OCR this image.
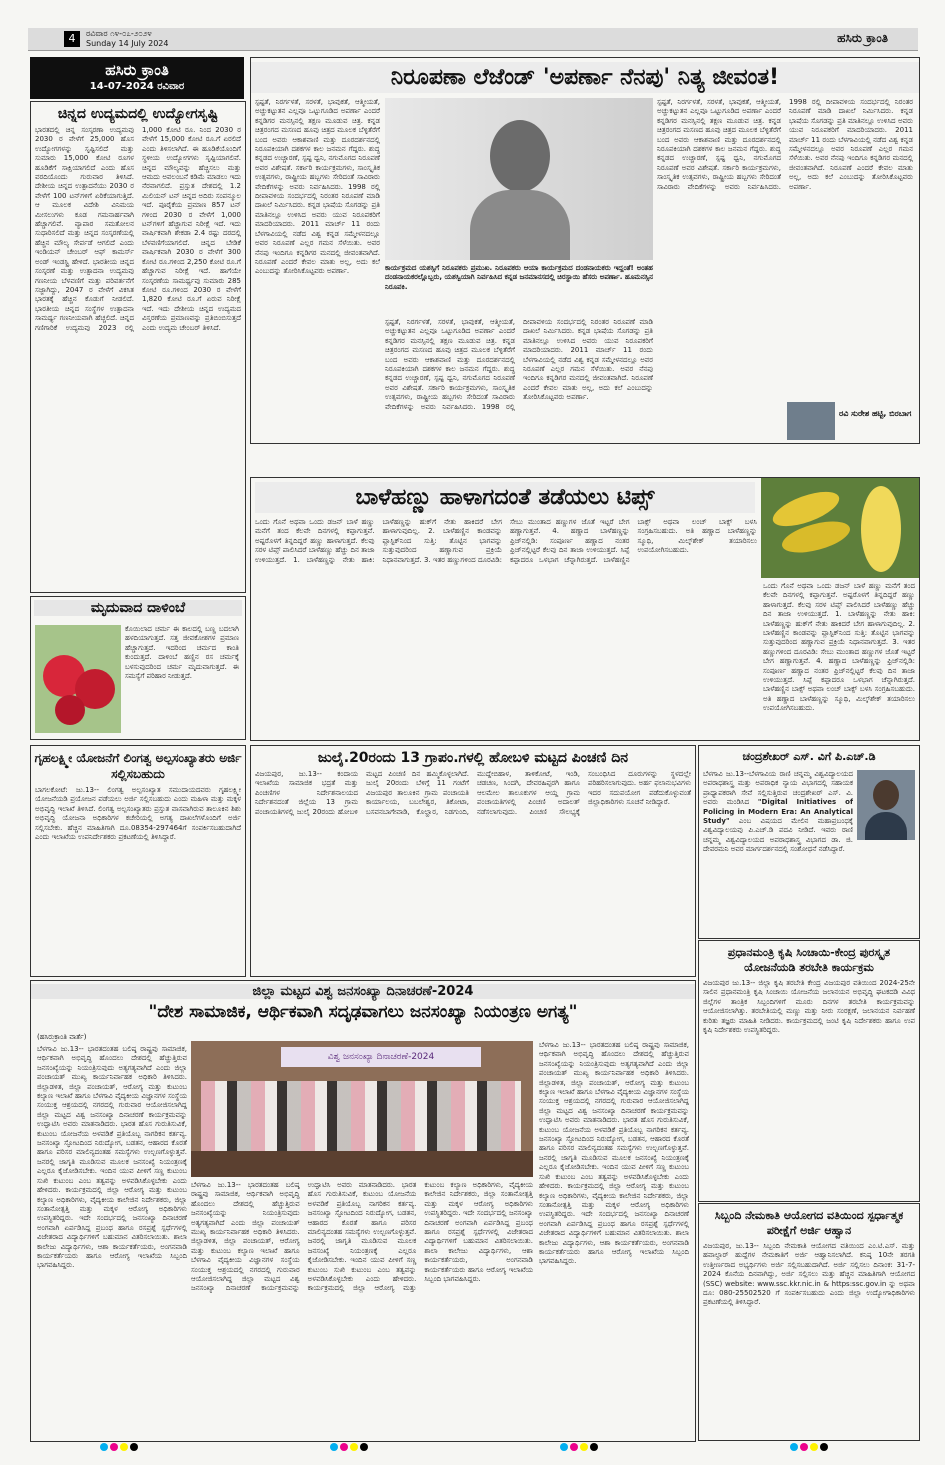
4	ರವಿವಾರ ೧೪-೦೭-೨೦೨೪
Sunday 14 July 2024	ಹಸಿರು ಕ್ರಾಂತಿ
ಹಸಿರು ಕ್ರಾಂತಿ
14-07-2024 ರವಿವಾರ
ಚಿನ್ನದ ಉದ್ಯಮದಲ್ಲಿ ಉದ್ಯೋಗಸೃಷ್ಟಿ
ಭಾರತದಲ್ಲಿ ಚಿನ್ನ ಸಂಸ್ಕರಣಾ ಉದ್ಯಮವು 2030 ರ ವೇಳೆಗೆ 25,000 ಹೊಸ ಉದ್ಯೋಗಗಳನ್ನು ಸೃಷ್ಟಿಸಲಿದೆ ಮತ್ತು ಸುಮಾರು 15,000 ಕೋಟಿ ರೂಗಳ ಹೂಡಿಕೆಗೆ ಸಾಕ್ಷಿಯಾಗಲಿದೆ ಎಂದು ಹೊಸ ವರದಿಯೊಂದು ಗುರುವಾರ ತಿಳಿಸಿದೆ. ದೇಶೀಯ ಚಿನ್ನದ ಉತ್ಪಾದನೆಯು 2030 ರ ವೇಳೆಗೆ 100 ಟನ್‌ಗಳಿಗೆ ಏರಿಕೆಯಾಗುತ್ತಿದೆ. ಆ ಮೂಲಕ ವಿದೇಶಿ ವಿನಿಮಯ ಮೀಸಲುಗಳು ಕೂಡ ಗಮನಾರ್ಹವಾಗಿ ಹೆಚ್ಚಾಗಲಿವೆ. ವ್ಯಾಪಾರ ಸಮತೋಲನ ಸುಧಾರಿಸಲಿದೆ ಮತ್ತು ಚಿನ್ನದ ಸಂಸ್ಕರಣೆಯಲ್ಲಿ ಹೆಚ್ಚಿನ ಮೌಲ್ಯ ಸೇರ್ಪಡೆ ಆಗಲಿದೆ ಎಂದು ಇಂಡಿಯನ್ ಚೇಂಬರ್ ಆಫ್ ಕಾಮರ್ಸ್ ಅಂಡ್ ಇಂಡಸ್ಟ್ರಿ ಹೇಳಿದೆ. ಭಾರತೀಯ ಚಿನ್ನದ ಸಂಸ್ಕರಣೆ ಮತ್ತು ಉತ್ಪಾದನಾ ಉದ್ಯಮವು ಗಣನೀಯ ಬೆಳವಣಿಗೆ ಮತ್ತು ಪರಿವರ್ತನೆಗೆ ಸಜ್ಜಾಗಿದ್ದು, 2047 ರ ವೇಳೆಗೆ ವಿಕಸಿತ ಭಾರತಕ್ಕೆ ಹೆಚ್ಚಿನ ಕೊಡುಗೆ ನೀಡಲಿದೆ. ಭಾರತೀಯ ಚಿನ್ನದ ಸಂಸ್ಥೆಗಳ ಉತ್ಪಾದನಾ ಸಾಮರ್ಥ್ಯ ಗಣನೀಯವಾಗಿ ಹೆಚ್ಚಲಿದೆ. ಚಿನ್ನದ ಗಣಿಗಾರಿಕೆ ಉದ್ಯಮವು 2023 ರಲ್ಲಿ 1,000 ಕೋಟಿ ರೂ. ನಿಂದ 2030 ರ ವೇಳೆಗೆ 15,000 ಕೋಟಿ ರೂ.ಗೆ ಏರಲಿದೆ ಎಂದು ತಿಳಿಸಲಾಗಿದೆ. ಈ ಹೂಡಿಕೆಯೊಂದಿಗೆ ಸ್ಥಳೀಯ ಉದ್ಯೋಗಗಳು ಸೃಷ್ಟಿಯಾಗಲಿವೆ. ಚಿನ್ನದ ಮೌಲ್ಯವನ್ನು ಹೆಚ್ಚಿಸಲು ಮತ್ತು ಆಮದು ಅವಲಂಬನೆ ಕಡಿಮೆ ಮಾಡಲು ಇದು ನೆರವಾಗಲಿದೆ. ಪ್ರಸ್ತುತ ದೇಶದಲ್ಲಿ 1.2 ಮಿಲಿಯನ್ ಟನ್ ಚಿನ್ನದ ಅದಿರು ಸಂಪನ್ಮೂಲ ಇದೆ. ಪೂರೈಕೆಯ ಪ್ರಮಾಣ 857 ಟನ್ ಗಳಿಂದ 2030 ರ ವೇಳೆಗೆ 1,000 ಟನ್‌ಗಳಿಗೆ ಹೆಚ್ಚಾಗುವ ನಿರೀಕ್ಷೆ ಇದೆ. ಇದು ವಾರ್ಷಿಕವಾಗಿ ಶೇಕಡಾ 2.4 ರಷ್ಟು ದರದಲ್ಲಿ ಬೆಳವಣಿಗೆಯಾಗಲಿದೆ. ಚಿನ್ನದ ಬೇಡಿಕೆ ವಾರ್ಷಿಕವಾಗಿ 2030 ರ ವೇಳೆಗೆ 300 ಕೋಟಿ ರೂ.ಗಳಿಂದ 2,250 ಕೋಟಿ ರೂ.ಗೆ ಹೆಚ್ಚಾಗುವ ನಿರೀಕ್ಷೆ ಇದೆ. ಹಾಗೆಯೇ ಸಂಸ್ಕರಣೆಯ ಸಾಮರ್ಥ್ಯವು ಸುಮಾರು 285 ಕೋಟಿ ರೂ.ಗಳಿಂದ 2030 ರ ವೇಳೆಗೆ 1,820 ಕೋಟಿ ರೂ.ಗೆ ಏರುವ ನಿರೀಕ್ಷೆ ಇದೆ. ಇದು ದೇಶೀಯ ಚಿನ್ನದ ಉದ್ಯಮದ ವಿಸ್ತರಣೆಯ ಪ್ರಮಾಣವನ್ನು ಪ್ರತಿಬಿಂಬಿಸುತ್ತದೆ ಎಂದು ಉದ್ಯಮ ಚೇಂಬರ್ ತಿಳಿಸಿದೆ.
ಮೃದುವಾದ ದಾಳಿಂಬೆ
ಕೊಯಿಲಾದ ಚರ್ಮ ಈ ಕಾಲದಲ್ಲಿ ಬಣ್ಣ ಬದಲಾಗಿ ಹಳದಿಯಾಗುತ್ತದೆ. ಸತ್ತ ಜೀವಕೋಶಗಳ ಪ್ರಮಾಣ ಹೆಚ್ಚಾಗುತ್ತದೆ. ಇದರಿಂದ ಚರ್ಮದ ಕಾಂತಿ ಕುಂದುತ್ತದೆ. ದಾಳಿಂಬೆ ಹಣ್ಣಿನ ರಸ ಚರ್ಮಕ್ಕೆ ಬಳಸುವುದರಿಂದ ಚರ್ಮ ಮೃದುವಾಗುತ್ತದೆ. ಈ ಸಮಸ್ಯೆಗೆ ಪರಿಹಾರ ನೀಡುತ್ತದೆ.
ನಿರೂಪಣಾ ಲೆಜೆಂಡ್ 'ಅಪರ್ಣಾ ನೆನಪು' ನಿತ್ಯ ಜೀವಂತ!
ಸ್ಪಷ್ಟತೆ, ನಿರರ್ಗಳತೆ, ಸರಳತೆ, ಭಾವುಕತೆ, ಆತ್ಮೀಯತೆ, ಅಚ್ಚುಕಟ್ಟುತನ ಎಲ್ಲವೂ ಒಟ್ಟುಗೂಡಿದ ಅಪರ್ಣಾ ಎಂದರೆ ಕನ್ನಡಿಗರ ಮನಸ್ಸಿನಲ್ಲಿ ತಕ್ಷಣ ಮೂಡುವ ಚಿತ್ರ. ಕನ್ನಡ ಚಿತ್ರರಂಗದ ಮಸಣದ ಹೂವು ಚಿತ್ರದ ಮೂಲಕ ಬೆಳ್ಳಿತೆರೆಗೆ ಬಂದ ಅವರು ಆಕಾಶವಾಣಿ ಮತ್ತು ದೂರದರ್ಶನದಲ್ಲಿ ನಿರೂಪಕಿಯಾಗಿ ದಶಕಗಳ ಕಾಲ ಜನಮನ ಗೆದ್ದರು. ಶುದ್ಧ ಕನ್ನಡದ ಉಚ್ಚಾರಣೆ, ಸ್ಪಷ್ಟ ಧ್ವನಿ, ನಗುಮೊಗದ ನಿರೂಪಣೆ ಅವರ ವಿಶೇಷತೆ. ಸರ್ಕಾರಿ ಕಾರ್ಯಕ್ರಮಗಳು, ಸಾಂಸ್ಕೃತಿಕ ಉತ್ಸವಗಳು, ರಾಷ್ಟ್ರೀಯ ಹಬ್ಬಗಳು ಸೇರಿದಂತೆ ಸಾವಿರಾರು ವೇದಿಕೆಗಳನ್ನು ಅವರು ನಿರ್ವಹಿಸಿದರು. 1998 ರಲ್ಲಿ ದೀಪಾವಳಿಯ ಸಂದರ್ಭದಲ್ಲಿ ನಿರಂತರ ನಿರೂಪಣೆ ಮಾಡಿ ದಾಖಲೆ ನಿರ್ಮಿಸಿದರು. ಕನ್ನಡ ಭಾಷೆಯ ಸೊಗಡನ್ನು ಪ್ರತಿ ಮಾತಿನಲ್ಲೂ ಉಳಿಸಿದ ಅವರು ಯುವ ನಿರೂಪಕರಿಗೆ ಮಾದರಿಯಾದರು. 2011 ಮಾರ್ಚ್ 11 ರಂದು ಬೆಳಗಾವಿಯಲ್ಲಿ ನಡೆದ ವಿಶ್ವ ಕನ್ನಡ ಸಮ್ಮೇಳನದಲ್ಲೂ ಅವರ ನಿರೂಪಣೆ ಎಲ್ಲರ ಗಮನ ಸೆಳೆಯಿತು. ಅವರ ನೆನಪು ಇಂದಿಗೂ ಕನ್ನಡಿಗರ ಮನದಲ್ಲಿ ಜೀವಂತವಾಗಿದೆ. ನಿರೂಪಣೆ ಎಂದರೆ ಕೇವಲ ಮಾತು ಅಲ್ಲ, ಅದು ಕಲೆ ಎಂಬುದನ್ನು ತೋರಿಸಿಕೊಟ್ಟವರು ಅಪರ್ಣಾ.	ಕಾರ್ಯಕ್ರಮದ ಯಶಸ್ಸಿಗೆ ನಿರೂಪಕರು ಪ್ರಮುಖ. ನಿರೂಪಕರು ಆಯಾ ಕಾರ್ಯಕ್ರಮದ ದಂಡನಾಯಕರು ಇದ್ದಂತೆ! ಅಂತಹ ದಂಡನಾಯಕರಲ್ಲೊಬ್ಬರು, ಯಶಸ್ವಿಯಾಗಿ ನಿರ್ವಹಿಸಿದ ಕನ್ನಡ ಜನಮಾನಸದಲ್ಲಿ ಚಿರಸ್ಥಾಯಿ ಹೆಸರು ಅಪರ್ಣಾ. ಹೂಮನಸ್ಸಿನ ನಿರೂಪಕಿ.
ಸ್ಪಷ್ಟತೆ, ನಿರರ್ಗಳತೆ, ಸರಳತೆ, ಭಾವುಕತೆ, ಆತ್ಮೀಯತೆ, ಅಚ್ಚುಕಟ್ಟುತನ ಎಲ್ಲವೂ ಒಟ್ಟುಗೂಡಿದ ಅಪರ್ಣಾ ಎಂದರೆ ಕನ್ನಡಿಗರ ಮನಸ್ಸಿನಲ್ಲಿ ತಕ್ಷಣ ಮೂಡುವ ಚಿತ್ರ. ಕನ್ನಡ ಚಿತ್ರರಂಗದ ಮಸಣದ ಹೂವು ಚಿತ್ರದ ಮೂಲಕ ಬೆಳ್ಳಿತೆರೆಗೆ ಬಂದ ಅವರು ಆಕಾಶವಾಣಿ ಮತ್ತು ದೂರದರ್ಶನದಲ್ಲಿ ನಿರೂಪಕಿಯಾಗಿ ದಶಕಗಳ ಕಾಲ ಜನಮನ ಗೆದ್ದರು. ಶುದ್ಧ ಕನ್ನಡದ ಉಚ್ಚಾರಣೆ, ಸ್ಪಷ್ಟ ಧ್ವನಿ, ನಗುಮೊಗದ ನಿರೂಪಣೆ ಅವರ ವಿಶೇಷತೆ. ಸರ್ಕಾರಿ ಕಾರ್ಯಕ್ರಮಗಳು, ಸಾಂಸ್ಕೃತಿಕ ಉತ್ಸವಗಳು, ರಾಷ್ಟ್ರೀಯ ಹಬ್ಬಗಳು ಸೇರಿದಂತೆ ಸಾವಿರಾರು ವೇದಿಕೆಗಳನ್ನು ಅವರು ನಿರ್ವಹಿಸಿದರು. 1998 ರಲ್ಲಿ ದೀಪಾವಳಿಯ ಸಂದರ್ಭದಲ್ಲಿ ನಿರಂತರ ನಿರೂಪಣೆ ಮಾಡಿ ದಾಖಲೆ ನಿರ್ಮಿಸಿದರು. ಕನ್ನಡ ಭಾಷೆಯ ಸೊಗಡನ್ನು ಪ್ರತಿ ಮಾತಿನಲ್ಲೂ ಉಳಿಸಿದ ಅವರು ಯುವ ನಿರೂಪಕರಿಗೆ ಮಾದರಿಯಾದರು. 2011 ಮಾರ್ಚ್ 11 ರಂದು ಬೆಳಗಾವಿಯಲ್ಲಿ ನಡೆದ ವಿಶ್ವ ಕನ್ನಡ ಸಮ್ಮೇಳನದಲ್ಲೂ ಅವರ ನಿರೂಪಣೆ ಎಲ್ಲರ ಗಮನ ಸೆಳೆಯಿತು. ಅವರ ನೆನಪು ಇಂದಿಗೂ ಕನ್ನಡಿಗರ ಮನದಲ್ಲಿ ಜೀವಂತವಾಗಿದೆ. ನಿರೂಪಣೆ ಎಂದರೆ ಕೇವಲ ಮಾತು ಅಲ್ಲ, ಅದು ಕಲೆ ಎಂಬುದನ್ನು ತೋರಿಸಿಕೊಟ್ಟವರು ಅಪರ್ಣಾ.
ಸ್ಪಷ್ಟತೆ, ನಿರರ್ಗಳತೆ, ಸರಳತೆ, ಭಾವುಕತೆ, ಆತ್ಮೀಯತೆ, ಅಚ್ಚುಕಟ್ಟುತನ ಎಲ್ಲವೂ ಒಟ್ಟುಗೂಡಿದ ಅಪರ್ಣಾ ಎಂದರೆ ಕನ್ನಡಿಗರ ಮನಸ್ಸಿನಲ್ಲಿ ತಕ್ಷಣ ಮೂಡುವ ಚಿತ್ರ. ಕನ್ನಡ ಚಿತ್ರರಂಗದ ಮಸಣದ ಹೂವು ಚಿತ್ರದ ಮೂಲಕ ಬೆಳ್ಳಿತೆರೆಗೆ ಬಂದ ಅವರು ಆಕಾಶವಾಣಿ ಮತ್ತು ದೂರದರ್ಶನದಲ್ಲಿ ನಿರೂಪಕಿಯಾಗಿ ದಶಕಗಳ ಕಾಲ ಜನಮನ ಗೆದ್ದರು. ಶುದ್ಧ ಕನ್ನಡದ ಉಚ್ಚಾರಣೆ, ಸ್ಪಷ್ಟ ಧ್ವನಿ, ನಗುಮೊಗದ ನಿರೂಪಣೆ ಅವರ ವಿಶೇಷತೆ. ಸರ್ಕಾರಿ ಕಾರ್ಯಕ್ರಮಗಳು, ಸಾಂಸ್ಕೃತಿಕ ಉತ್ಸವಗಳು, ರಾಷ್ಟ್ರೀಯ ಹಬ್ಬಗಳು ಸೇರಿದಂತೆ ಸಾವಿರಾರು ವೇದಿಕೆಗಳನ್ನು ಅವರು ನಿರ್ವಹಿಸಿದರು. 1998 ರಲ್ಲಿ ದೀಪಾವಳಿಯ ಸಂದರ್ಭದಲ್ಲಿ ನಿರಂತರ ನಿರೂಪಣೆ ಮಾಡಿ ದಾಖಲೆ ನಿರ್ಮಿಸಿದರು. ಕನ್ನಡ ಭಾಷೆಯ ಸೊಗಡನ್ನು ಪ್ರತಿ ಮಾತಿನಲ್ಲೂ ಉಳಿಸಿದ ಅವರು ಯುವ ನಿರೂಪಕರಿಗೆ ಮಾದರಿಯಾದರು. 2011 ಮಾರ್ಚ್ 11 ರಂದು ಬೆಳಗಾವಿಯಲ್ಲಿ ನಡೆದ ವಿಶ್ವ ಕನ್ನಡ ಸಮ್ಮೇಳನದಲ್ಲೂ ಅವರ ನಿರೂಪಣೆ ಎಲ್ಲರ ಗಮನ ಸೆಳೆಯಿತು. ಅವರ ನೆನಪು ಇಂದಿಗೂ ಕನ್ನಡಿಗರ ಮನದಲ್ಲಿ ಜೀವಂತವಾಗಿದೆ. ನಿರೂಪಣೆ ಎಂದರೆ ಕೇವಲ ಮಾತು ಅಲ್ಲ, ಅದು ಕಲೆ ಎಂಬುದನ್ನು ತೋರಿಸಿಕೊಟ್ಟವರು ಅಪರ್ಣಾ.
ರವಿ ಸುರೇಶ ಹಟ್ಟಿ, ಬಿರಬಾಗ
ಬಾಳೆಹಣ್ಣು ಹಾಳಾಗದಂತೆ ತಡೆಯಲು ಟಿಪ್ಸ್
ಒಂದು ಗೊನೆ ಅಥವಾ ಒಂದು ಡಜನ್ ಬಾಳೆ ಹಣ್ಣು ಮನೆಗೆ ತಂದ ಕೆಲವೇ ದಿನಗಳಲ್ಲಿ ಕಪ್ಪಾಗುತ್ತವೆ. ಅಷ್ಟರೊಳಗೆ ತಿನ್ನದಿದ್ದರೆ ಹಣ್ಣು ಹಾಳಾಗುತ್ತದೆ. ಕೆಲವು ಸರಳ ಟಿಪ್ಸ್ ಪಾಲಿಸಿದರೆ ಬಾಳೆಹಣ್ಣು ಹೆಚ್ಚು ದಿನ ತಾಜಾ ಉಳಿಯುತ್ತದೆ. 1. ಬಾಳೆಹಣ್ಣನ್ನು ನೇತು ಹಾಕಿ: ಬಾಳೆಹಣ್ಣನ್ನು ಹುಕ್‌ಗೆ ನೇತು ಹಾಕಿದರೆ ಬೇಗ ಹಾಳಾಗುವುದಿಲ್ಲ. 2. ಬಾಳೆಹಣ್ಣಿನ ಕಾಂಡವನ್ನು ಪ್ಲಾಸ್ಟಿಕ್‌ನಿಂದ ಸುತ್ತಿ: ತೊಟ್ಟಿನ ಭಾಗವನ್ನು ಸುತ್ತುವುದರಿಂದ ಹಣ್ಣಾಗುವ ಪ್ರಕ್ರಿಯೆ ನಿಧಾನವಾಗುತ್ತದೆ. 3. ಇತರ ಹಣ್ಣುಗಳಿಂದ ದೂರವಿಡಿ: ಸೇಬು ಮುಂತಾದ ಹಣ್ಣುಗಳ ಜೊತೆ ಇಟ್ಟರೆ ಬೇಗ ಹಣ್ಣಾಗುತ್ತವೆ. 4. ಹಣ್ಣಾದ ಬಾಳೆಹಣ್ಣನ್ನು ಫ್ರಿಜ್‌ನಲ್ಲಿಡಿ: ಸಂಪೂರ್ಣ ಹಣ್ಣಾದ ನಂತರ ಫ್ರಿಜ್‌ನಲ್ಲಿಟ್ಟರೆ ಕೆಲವು ದಿನ ತಾಜಾ ಉಳಿಯುತ್ತದೆ. ಸಿಪ್ಪೆ ಕಪ್ಪಾದರೂ ಒಳಭಾಗ ಚೆನ್ನಾಗಿರುತ್ತದೆ. ಬಾಳೆಹಣ್ಣಿನ ಬಾಕ್ಸ್ ಅಥವಾ ಲಂಚ್ ಬಾಕ್ಸ್ ಬಳಸಿ ಸಂಗ್ರಹಿಸಬಹುದು. ಅತಿ ಹಣ್ಣಾದ ಬಾಳೆಹಣ್ಣನ್ನು ಸ್ಮೂಥಿ, ಮಿಲ್ಕ್‌ಶೇಕ್ ತಯಾರಿಸಲು ಉಪಯೋಗಿಸಬಹುದು.
ಒಂದು ಗೊನೆ ಅಥವಾ ಒಂದು ಡಜನ್ ಬಾಳೆ ಹಣ್ಣು ಮನೆಗೆ ತಂದ ಕೆಲವೇ ದಿನಗಳಲ್ಲಿ ಕಪ್ಪಾಗುತ್ತವೆ. ಅಷ್ಟರೊಳಗೆ ತಿನ್ನದಿದ್ದರೆ ಹಣ್ಣು ಹಾಳಾಗುತ್ತದೆ. ಕೆಲವು ಸರಳ ಟಿಪ್ಸ್ ಪಾಲಿಸಿದರೆ ಬಾಳೆಹಣ್ಣು ಹೆಚ್ಚು ದಿನ ತಾಜಾ ಉಳಿಯುತ್ತದೆ. 1. ಬಾಳೆಹಣ್ಣನ್ನು ನೇತು ಹಾಕಿ: ಬಾಳೆಹಣ್ಣನ್ನು ಹುಕ್‌ಗೆ ನೇತು ಹಾಕಿದರೆ ಬೇಗ ಹಾಳಾಗುವುದಿಲ್ಲ. 2. ಬಾಳೆಹಣ್ಣಿನ ಕಾಂಡವನ್ನು ಪ್ಲಾಸ್ಟಿಕ್‌ನಿಂದ ಸುತ್ತಿ: ತೊಟ್ಟಿನ ಭಾಗವನ್ನು ಸುತ್ತುವುದರಿಂದ ಹಣ್ಣಾಗುವ ಪ್ರಕ್ರಿಯೆ ನಿಧಾನವಾಗುತ್ತದೆ. 3. ಇತರ ಹಣ್ಣುಗಳಿಂದ ದೂರವಿಡಿ: ಸೇಬು ಮುಂತಾದ ಹಣ್ಣುಗಳ ಜೊತೆ ಇಟ್ಟರೆ ಬೇಗ ಹಣ್ಣಾಗುತ್ತವೆ. 4. ಹಣ್ಣಾದ ಬಾಳೆಹಣ್ಣನ್ನು ಫ್ರಿಜ್‌ನಲ್ಲಿಡಿ: ಸಂಪೂರ್ಣ ಹಣ್ಣಾದ ನಂತರ ಫ್ರಿಜ್‌ನಲ್ಲಿಟ್ಟರೆ ಕೆಲವು ದಿನ ತಾಜಾ ಉಳಿಯುತ್ತದೆ. ಸಿಪ್ಪೆ ಕಪ್ಪಾದರೂ ಒಳಭಾಗ ಚೆನ್ನಾಗಿರುತ್ತದೆ. ಬಾಳೆಹಣ್ಣಿನ ಬಾಕ್ಸ್ ಅಥವಾ ಲಂಚ್ ಬಾಕ್ಸ್ ಬಳಸಿ ಸಂಗ್ರಹಿಸಬಹುದು. ಅತಿ ಹಣ್ಣಾದ ಬಾಳೆಹಣ್ಣನ್ನು ಸ್ಮೂಥಿ, ಮಿಲ್ಕ್‌ಶೇಕ್ ತಯಾರಿಸಲು ಉಪಯೋಗಿಸಬಹುದು.
ಗೃಹಲಕ್ಷ್ಮೀ ಯೋಜನೆಗೆ ಲಿಂಗತ್ವ ಅಲ್ಪಸಂಖ್ಯಾತರು ಅರ್ಜಿ ಸಲ್ಲಿಸಬಹುದು
ಬಾಗಲಕೋಟೆ: ಜು.13-- ಲಿಂಗತ್ವ ಅಲ್ಪಸಂಖ್ಯಾತ ಸಮುದಾಯದವರು ಗೃಹಲಕ್ಷ್ಮೀ ಯೋಜನೆಯಡಿ ಪ್ರಯೋಜನ ಪಡೆಯಲು ಅರ್ಜಿ ಸಲ್ಲಿಸಬಹುದು ಎಂದು ಮಹಿಳಾ ಮತ್ತು ಮಕ್ಕಳ ಅಭಿವೃದ್ಧಿ ಇಲಾಖೆ ತಿಳಿಸಿದೆ. ಲಿಂಗತ್ವ ಅಲ್ಪಸಂಖ್ಯಾತರು ಪ್ರಸ್ತುತ ವಾಸವಾಗಿರುವ ತಾಲೂಕಿನ ಶಿಶು ಅಭಿವೃದ್ಧಿ ಯೋಜನಾ ಅಧಿಕಾರಿಗಳ ಕಚೇರಿಯಲ್ಲಿ ಅಗತ್ಯ ದಾಖಲೆಗಳೊಂದಿಗೆ ಅರ್ಜಿ ಸಲ್ಲಿಸಬೇಕು. ಹೆಚ್ಚಿನ ಮಾಹಿತಿಗಾಗಿ ದೂ.08354-297464ಗೆ ಸಂಪರ್ಕಿಸಬಹುದಾಗಿದೆ ಎಂದು ಇಲಾಖೆಯ ಉಪನಿರ್ದೇಶಕರು ಪ್ರಕಟಣೆಯಲ್ಲಿ ತಿಳಿಸಿದ್ದಾರೆ.
ಜುಲೈ.20ರಂದು 13 ಗ್ರಾಪಂ.ಗಳಲ್ಲಿ ಹೋಬಳಿ ಮಟ್ಟದ ಪಿಂಚಣಿ ದಿನ
ವಿಜಯಪುರ, ಜು.13-- ಕಂದಾಯ ಇಲಾಖೆಯ ಸಾಮಾಜಿಕ ಭದ್ರತೆ ಮತ್ತು ಪಿಂಚಣಿಗಳ ನಿರ್ದೇಶನಾಲಯದ ನಿರ್ದೇಶನದಂತೆ ಜಿಲ್ಲೆಯ 13 ಗ್ರಾಮ ಪಂಚಾಯತಿಗಳಲ್ಲಿ ಜುಲೈ 20ರಂದು ಹೋಬಳಿ ಮಟ್ಟದ ಪಿಂಚಣಿ ದಿನ ಹಮ್ಮಿಕೊಳ್ಳಲಾಗಿದೆ. ಜುಲೈ 20ರಂದು ಬೆಳಿಗ್ಗೆ 11 ಗಂಟೆಗೆ ವಿಜಯಪುರ ತಾಲೂಕಿನ ಗ್ರಾಮ ಪಂಚಾಯತಿ ಕಾರ್ಯಾಲಯ, ಬಬಲೇಶ್ವರ, ತಿಕೋಟಾ, ಬಸವನಬಾಗೇವಾಡಿ, ಕೊಲ್ಹಾರ, ನಿಡಗುಂದಿ, ಮುದ್ದೇಬಿಹಾಳ, ತಾಳಿಕೋಟೆ, ಇಂಡಿ, ಚಡಚಣ, ಸಿಂದಗಿ, ದೇವರಹಿಪ್ಪರಗಿ ಹಾಗೂ ಆಲಮೇಲ ತಾಲೂಕುಗಳ ಆಯ್ದ ಗ್ರಾಮ ಪಂಚಾಯತಿಗಳಲ್ಲಿ ಪಿಂಚಣಿ ಅದಾಲತ್ ನಡೆಸಲಾಗುವುದು. ಪಿಂಚಣಿ ಸೌಲಭ್ಯಕ್ಕೆ ಸಂಬಂಧಿಸಿದ ದೂರುಗಳನ್ನು ಸ್ಥಳದಲ್ಲೇ ಪರಿಹರಿಸಲಾಗುವುದು. ಅರ್ಹ ಫಲಾನುಭವಿಗಳು ಇದರ ಸದುಪಯೋಗ ಪಡೆದುಕೊಳ್ಳುವಂತೆ ಜಿಲ್ಲಾಧಿಕಾರಿಗಳು ಸೂಚನೆ ನೀಡಿದ್ದಾರೆ.
ಚಂದ್ರಶೇಖರ್ ಎಸ್. ವಿಗೆ ಪಿ.ಎಚ್.ಡಿ
ಬೆಳಗಾವಿ ಜು.13--ಬೆಳಗಾವಿಯ ರಾಣಿ ಚನ್ನಮ್ಮ ವಿಶ್ವವಿದ್ಯಾಲಯದ ಅಪರಾಧಶಾಸ್ತ್ರ ಮತ್ತು ಅಪರಾಧಿಕ ನ್ಯಾಯ ವಿಭಾಗದಲ್ಲಿ ಸಹಾಯಕ ಪ್ರಾಧ್ಯಾಪಕರಾಗಿ ಸೇವೆ ಸಲ್ಲಿಸುತ್ತಿರುವ ಚಂದ್ರಶೇಖರ್ ಎಸ್. ವಿ. ಅವರು ಮಂಡಿಸಿದ "Digital Initiatives of Policing in Modern Era: An Analytical Study" ಎಂಬ ವಿಷಯದ ಮೇಲಿನ ಮಹಾಪ್ರಬಂಧಕ್ಕೆ ವಿಶ್ವವಿದ್ಯಾಲಯವು ಪಿ.ಎಚ್.ಡಿ ಪದವಿ ನೀಡಿದೆ. ಇವರು ರಾಣಿ ಚನ್ನಮ್ಮ ವಿಶ್ವವಿದ್ಯಾಲಯದ ಅಪರಾಧಶಾಸ್ತ್ರ ವಿಭಾಗದ ಡಾ. ಜಿ. ದೇವರಮನಿ ಅವರ ಮಾರ್ಗದರ್ಶನದಲ್ಲಿ ಸಂಶೋಧನೆ ನಡೆಸಿದ್ದಾರೆ.
ಪ್ರಧಾನಮಂತ್ರಿ ಕೃಷಿ ಸಿಂಚಾಯಿ-ಕೇಂದ್ರ ಪುರಸ್ಕೃತ ಯೋಜನೆಯಡಿ ತರಬೇತಿ ಕಾರ್ಯಕ್ರಮ
ವಿಜಯಪುರ ಜು.13-- ಜಿಲ್ಲಾ ಕೃಷಿ ತರಬೇತಿ ಕೇಂದ್ರ ವಿಜಯಪುರ ವತಿಯಿಂದ 2024-25ನೇ ಸಾಲಿನ ಪ್ರಧಾನಮಂತ್ರಿ ಕೃಷಿ ಸಿಂಚಾಯಿ ಯೋಜನೆಯ ಜಲಾನಯನ ಅಭಿವೃದ್ಧಿ ಘಟಕದಡಿ ವಿವಿಧ ಜಿಲ್ಲೆಗಳ ತಾಂತ್ರಿಕ ಸಿಬ್ಬಂದಿಗಳಿಗೆ ಮೂರು ದಿನಗಳ ತರಬೇತಿ ಕಾರ್ಯಕ್ರಮವನ್ನು ಆಯೋಜಿಸಲಾಗಿತ್ತು. ತರಬೇತಿಯಲ್ಲಿ ಮಣ್ಣು ಮತ್ತು ನೀರು ಸಂರಕ್ಷಣೆ, ಜಲಾನಯನ ನಿರ್ವಹಣೆ ಕುರಿತು ತಜ್ಞರು ಮಾಹಿತಿ ನೀಡಿದರು. ಕಾರ್ಯಕ್ರಮದಲ್ಲಿ ಜಂಟಿ ಕೃಷಿ ನಿರ್ದೇಶಕರು ಹಾಗೂ ಉಪ ಕೃಷಿ ನಿರ್ದೇಶಕರು ಉಪಸ್ಥಿತರಿದ್ದರು.
ಸಿಬ್ಬಂದಿ ನೇಮಕಾತಿ ಆಯೋಗದ ವತಿಯಿಂದ ಸ್ಪರ್ಧಾತ್ಮಕ ಪರೀಕ್ಷೆಗೆ ಅರ್ಜಿ ಆಹ್ವಾನ
ವಿಜಯಪುರ, ಜು.13-- ಸಿಬ್ಬಂದಿ ನೇಮಕಾತಿ ಆಯೋಗದ ವತಿಯಿಂದ ಎಂ.ಟಿ.ಎಸ್. ಮತ್ತು ಹವಾಲ್ದಾರ್ ಹುದ್ದೆಗಳ ನೇಮಕಾತಿಗೆ ಅರ್ಜಿ ಆಹ್ವಾನಿಸಲಾಗಿದೆ. ಕನಿಷ್ಠ 10ನೇ ತರಗತಿ ಉತ್ತೀರ್ಣರಾದ ಅಭ್ಯರ್ಥಿಗಳು ಅರ್ಜಿ ಸಲ್ಲಿಸಬಹುದಾಗಿದೆ. ಅರ್ಜಿ ಸಲ್ಲಿಸಲು ದಿನಾಂಕ: 31-7-2024 ಕೊನೆಯ ದಿನವಾಗಿದ್ದು, ಅರ್ಜಿ ಸಲ್ಲಿಸಲು ಮತ್ತು ಹೆಚ್ಚಿನ ಮಾಹಿತಿಗಾಗಿ ಆಯೋಗದ (SSC) website: www.ssc.kkr.nic.in & https:ssc.gov.in ನ್ನು ಅಥವಾ ದೂ: 080-25502520 ಗೆ ಸಂಪರ್ಕಿಸಬಹುದು ಎಂದು ಜಿಲ್ಲಾ ಉದ್ಯೋಗಾಧಿಕಾರಿಗಳು ಪ್ರಕಟಣೆಯಲ್ಲಿ ತಿಳಿಸಿದ್ದಾರೆ.
ಜಿಲ್ಲಾ ಮಟ್ಟದ ವಿಶ್ವ ಜನಸಂಖ್ಯಾ ದಿನಾಚರಣೆ-2024
"ದೇಶ ಸಾಮಾಜಿಕ, ಆರ್ಥಿಕವಾಗಿ ಸದೃಢವಾಗಲು ಜನಸಂಖ್ಯಾ ನಿಯಂತ್ರಣ ಅಗತ್ಯ"
(ಹಸಿರುಕ್ರಾಂತಿ ವಾರ್ತೆ)
ವಿಶ್ವ ಜನಸಂಖ್ಯಾ ದಿನಾಚರಣೆ-2024
ಬೆಳಗಾವಿ ಜು.13-- ಭಾರತದಂತಹ ಬಲಿಷ್ಠ ರಾಷ್ಟ್ರವು ಸಾಮಾಜಿಕ, ಆರ್ಥಿಕವಾಗಿ ಅಭಿವೃದ್ಧಿ ಹೊಂದಲು ದೇಶದಲ್ಲಿ ಹೆಚ್ಚುತ್ತಿರುವ ಜನಸಂಖ್ಯೆಯನ್ನು ನಿಯಂತ್ರಿಸುವುದು ಅತ್ಯಗತ್ಯವಾಗಿದೆ ಎಂದು ಜಿಲ್ಲಾ ಪಂಚಾಯತ್ ಮುಖ್ಯ ಕಾರ್ಯನಿರ್ವಾಹಕ ಅಧಿಕಾರಿ ತಿಳಿಸಿದರು. ಜಿಲ್ಲಾಡಳಿತ, ಜಿಲ್ಲಾ ಪಂಚಾಯತ್, ಆರೋಗ್ಯ ಮತ್ತು ಕುಟುಂಬ ಕಲ್ಯಾಣ ಇಲಾಖೆ ಹಾಗೂ ಬೆಳಗಾವಿ ವೈದ್ಯಕೀಯ ವಿಜ್ಞಾನಗಳ ಸಂಸ್ಥೆಯ ಸಂಯುಕ್ತ ಆಶ್ರಯದಲ್ಲಿ ನಗರದಲ್ಲಿ ಗುರುವಾರ ಆಯೋಜಿಸಲಾಗಿದ್ದ ಜಿಲ್ಲಾ ಮಟ್ಟದ ವಿಶ್ವ ಜನಸಂಖ್ಯಾ ದಿನಾಚರಣೆ ಕಾರ್ಯಕ್ರಮವನ್ನು ಉದ್ಘಾಟಿಸಿ ಅವರು ಮಾತನಾಡಿದರು. ಭಾರತ ಹೊಸ ಗುರುತಿಸುವಿಕೆ, ಕುಟುಂಬ ಯೋಜನೆಯ ಅಳವಡಿಕೆ ಪ್ರತಿಯೊಬ್ಬ ನಾಗರಿಕನ ಕರ್ತವ್ಯ. ಜನಸಂಖ್ಯಾ ಸ್ಫೋಟದಿಂದ ನಿರುದ್ಯೋಗ, ಬಡತನ, ಆಹಾರದ ಕೊರತೆ ಹಾಗೂ ಪರಿಸರ ಮಾಲಿನ್ಯದಂತಹ ಸಮಸ್ಯೆಗಳು ಉಲ್ಬಣಗೊಳ್ಳುತ್ತವೆ. ಜನರಲ್ಲಿ ಜಾಗೃತಿ ಮೂಡಿಸುವ ಮೂಲಕ ಜನಸಂಖ್ಯೆ ನಿಯಂತ್ರಣಕ್ಕೆ ಎಲ್ಲರೂ ಕೈಜೋಡಿಸಬೇಕು. ಇಂದಿನ ಯುವ ಪೀಳಿಗೆ ಸಣ್ಣ ಕುಟುಂಬ ಸುಖಿ ಕುಟುಂಬ ಎಂಬ ತತ್ವವನ್ನು ಅಳವಡಿಸಿಕೊಳ್ಳಬೇಕು ಎಂದು ಹೇಳಿದರು. ಕಾರ್ಯಕ್ರಮದಲ್ಲಿ ಜಿಲ್ಲಾ ಆರೋಗ್ಯ ಮತ್ತು ಕುಟುಂಬ ಕಲ್ಯಾಣ ಅಧಿಕಾರಿಗಳು, ವೈದ್ಯಕೀಯ ಕಾಲೇಜಿನ ನಿರ್ದೇಶಕರು, ಜಿಲ್ಲಾ ಸಂತಾನೋತ್ಪತ್ತಿ ಮತ್ತು ಮಕ್ಕಳ ಆರೋಗ್ಯ ಅಧಿಕಾರಿಗಳು ಉಪಸ್ಥಿತರಿದ್ದರು. ಇದೇ ಸಂದರ್ಭದಲ್ಲಿ ಜನಸಂಖ್ಯಾ ದಿನಾಚರಣೆ ಅಂಗವಾಗಿ ಏರ್ಪಡಿಸಿದ್ದ ಪ್ರಬಂಧ ಹಾಗೂ ರಸಪ್ರಶ್ನೆ ಸ್ಪರ್ಧೆಗಳಲ್ಲಿ ವಿಜೇತರಾದ ವಿದ್ಯಾರ್ಥಿಗಳಿಗೆ ಬಹುಮಾನ ವಿತರಿಸಲಾಯಿತು. ಶಾಲಾ ಕಾಲೇಜು ವಿದ್ಯಾರ್ಥಿಗಳು, ಆಶಾ ಕಾರ್ಯಕರ್ತೆಯರು, ಅಂಗನವಾಡಿ ಕಾರ್ಯಕರ್ತೆಯರು ಹಾಗೂ ಆರೋಗ್ಯ ಇಲಾಖೆಯ ಸಿಬ್ಬಂದಿ ಭಾಗವಹಿಸಿದ್ದರು.
ಬೆಳಗಾವಿ ಜು.13-- ಭಾರತದಂತಹ ಬಲಿಷ್ಠ ರಾಷ್ಟ್ರವು ಸಾಮಾಜಿಕ, ಆರ್ಥಿಕವಾಗಿ ಅಭಿವೃದ್ಧಿ ಹೊಂದಲು ದೇಶದಲ್ಲಿ ಹೆಚ್ಚುತ್ತಿರುವ ಜನಸಂಖ್ಯೆಯನ್ನು ನಿಯಂತ್ರಿಸುವುದು ಅತ್ಯಗತ್ಯವಾಗಿದೆ ಎಂದು ಜಿಲ್ಲಾ ಪಂಚಾಯತ್ ಮುಖ್ಯ ಕಾರ್ಯನಿರ್ವಾಹಕ ಅಧಿಕಾರಿ ತಿಳಿಸಿದರು. ಜಿಲ್ಲಾಡಳಿತ, ಜಿಲ್ಲಾ ಪಂಚಾಯತ್, ಆರೋಗ್ಯ ಮತ್ತು ಕುಟುಂಬ ಕಲ್ಯಾಣ ಇಲಾಖೆ ಹಾಗೂ ಬೆಳಗಾವಿ ವೈದ್ಯಕೀಯ ವಿಜ್ಞಾನಗಳ ಸಂಸ್ಥೆಯ ಸಂಯುಕ್ತ ಆಶ್ರಯದಲ್ಲಿ ನಗರದಲ್ಲಿ ಗುರುವಾರ ಆಯೋಜಿಸಲಾಗಿದ್ದ ಜಿಲ್ಲಾ ಮಟ್ಟದ ವಿಶ್ವ ಜನಸಂಖ್ಯಾ ದಿನಾಚರಣೆ ಕಾರ್ಯಕ್ರಮವನ್ನು ಉದ್ಘಾಟಿಸಿ ಅವರು ಮಾತನಾಡಿದರು. ಭಾರತ ಹೊಸ ಗುರುತಿಸುವಿಕೆ, ಕುಟುಂಬ ಯೋಜನೆಯ ಅಳವಡಿಕೆ ಪ್ರತಿಯೊಬ್ಬ ನಾಗರಿಕನ ಕರ್ತವ್ಯ. ಜನಸಂಖ್ಯಾ ಸ್ಫೋಟದಿಂದ ನಿರುದ್ಯೋಗ, ಬಡತನ, ಆಹಾರದ ಕೊರತೆ ಹಾಗೂ ಪರಿಸರ ಮಾಲಿನ್ಯದಂತಹ ಸಮಸ್ಯೆಗಳು ಉಲ್ಬಣಗೊಳ್ಳುತ್ತವೆ. ಜನರಲ್ಲಿ ಜಾಗೃತಿ ಮೂಡಿಸುವ ಮೂಲಕ ಜನಸಂಖ್ಯೆ ನಿಯಂತ್ರಣಕ್ಕೆ ಎಲ್ಲರೂ ಕೈಜೋಡಿಸಬೇಕು. ಇಂದಿನ ಯುವ ಪೀಳಿಗೆ ಸಣ್ಣ ಕುಟುಂಬ ಸುಖಿ ಕುಟುಂಬ ಎಂಬ ತತ್ವವನ್ನು ಅಳವಡಿಸಿಕೊಳ್ಳಬೇಕು ಎಂದು ಹೇಳಿದರು. ಕಾರ್ಯಕ್ರಮದಲ್ಲಿ ಜಿಲ್ಲಾ ಆರೋಗ್ಯ ಮತ್ತು ಕುಟುಂಬ ಕಲ್ಯಾಣ ಅಧಿಕಾರಿಗಳು, ವೈದ್ಯಕೀಯ ಕಾಲೇಜಿನ ನಿರ್ದೇಶಕರು, ಜಿಲ್ಲಾ ಸಂತಾನೋತ್ಪತ್ತಿ ಮತ್ತು ಮಕ್ಕಳ ಆರೋಗ್ಯ ಅಧಿಕಾರಿಗಳು ಉಪಸ್ಥಿತರಿದ್ದರು. ಇದೇ ಸಂದರ್ಭದಲ್ಲಿ ಜನಸಂಖ್ಯಾ ದಿನಾಚರಣೆ ಅಂಗವಾಗಿ ಏರ್ಪಡಿಸಿದ್ದ ಪ್ರಬಂಧ ಹಾಗೂ ರಸಪ್ರಶ್ನೆ ಸ್ಪರ್ಧೆಗಳಲ್ಲಿ ವಿಜೇತರಾದ ವಿದ್ಯಾರ್ಥಿಗಳಿಗೆ ಬಹುಮಾನ ವಿತರಿಸಲಾಯಿತು. ಶಾಲಾ ಕಾಲೇಜು ವಿದ್ಯಾರ್ಥಿಗಳು, ಆಶಾ ಕಾರ್ಯಕರ್ತೆಯರು, ಅಂಗನವಾಡಿ ಕಾರ್ಯಕರ್ತೆಯರು ಹಾಗೂ ಆರೋಗ್ಯ ಇಲಾಖೆಯ ಸಿಬ್ಬಂದಿ ಭಾಗವಹಿಸಿದ್ದರು.
ಬೆಳಗಾವಿ ಜು.13-- ಭಾರತದಂತಹ ಬಲಿಷ್ಠ ರಾಷ್ಟ್ರವು ಸಾಮಾಜಿಕ, ಆರ್ಥಿಕವಾಗಿ ಅಭಿವೃದ್ಧಿ ಹೊಂದಲು ದೇಶದಲ್ಲಿ ಹೆಚ್ಚುತ್ತಿರುವ ಜನಸಂಖ್ಯೆಯನ್ನು ನಿಯಂತ್ರಿಸುವುದು ಅತ್ಯಗತ್ಯವಾಗಿದೆ ಎಂದು ಜಿಲ್ಲಾ ಪಂಚಾಯತ್ ಮುಖ್ಯ ಕಾರ್ಯನಿರ್ವಾಹಕ ಅಧಿಕಾರಿ ತಿಳಿಸಿದರು. ಜಿಲ್ಲಾಡಳಿತ, ಜಿಲ್ಲಾ ಪಂಚಾಯತ್, ಆರೋಗ್ಯ ಮತ್ತು ಕುಟುಂಬ ಕಲ್ಯಾಣ ಇಲಾಖೆ ಹಾಗೂ ಬೆಳಗಾವಿ ವೈದ್ಯಕೀಯ ವಿಜ್ಞಾನಗಳ ಸಂಸ್ಥೆಯ ಸಂಯುಕ್ತ ಆಶ್ರಯದಲ್ಲಿ ನಗರದಲ್ಲಿ ಗುರುವಾರ ಆಯೋಜಿಸಲಾಗಿದ್ದ ಜಿಲ್ಲಾ ಮಟ್ಟದ ವಿಶ್ವ ಜನಸಂಖ್ಯಾ ದಿನಾಚರಣೆ ಕಾರ್ಯಕ್ರಮವನ್ನು ಉದ್ಘಾಟಿಸಿ ಅವರು ಮಾತನಾಡಿದರು. ಭಾರತ ಹೊಸ ಗುರುತಿಸುವಿಕೆ, ಕುಟುಂಬ ಯೋಜನೆಯ ಅಳವಡಿಕೆ ಪ್ರತಿಯೊಬ್ಬ ನಾಗರಿಕನ ಕರ್ತವ್ಯ. ಜನಸಂಖ್ಯಾ ಸ್ಫೋಟದಿಂದ ನಿರುದ್ಯೋಗ, ಬಡತನ, ಆಹಾರದ ಕೊರತೆ ಹಾಗೂ ಪರಿಸರ ಮಾಲಿನ್ಯದಂತಹ ಸಮಸ್ಯೆಗಳು ಉಲ್ಬಣಗೊಳ್ಳುತ್ತವೆ. ಜನರಲ್ಲಿ ಜಾಗೃತಿ ಮೂಡಿಸುವ ಮೂಲಕ ಜನಸಂಖ್ಯೆ ನಿಯಂತ್ರಣಕ್ಕೆ ಎಲ್ಲರೂ ಕೈಜೋಡಿಸಬೇಕು. ಇಂದಿನ ಯುವ ಪೀಳಿಗೆ ಸಣ್ಣ ಕುಟುಂಬ ಸುಖಿ ಕುಟುಂಬ ಎಂಬ ತತ್ವವನ್ನು ಅಳವಡಿಸಿಕೊಳ್ಳಬೇಕು ಎಂದು ಹೇಳಿದರು. ಕಾರ್ಯಕ್ರಮದಲ್ಲಿ ಜಿಲ್ಲಾ ಆರೋಗ್ಯ ಮತ್ತು ಕುಟುಂಬ ಕಲ್ಯಾಣ ಅಧಿಕಾರಿಗಳು, ವೈದ್ಯಕೀಯ ಕಾಲೇಜಿನ ನಿರ್ದೇಶಕರು, ಜಿಲ್ಲಾ ಸಂತಾನೋತ್ಪತ್ತಿ ಮತ್ತು ಮಕ್ಕಳ ಆರೋಗ್ಯ ಅಧಿಕಾರಿಗಳು ಉಪಸ್ಥಿತರಿದ್ದರು. ಇದೇ ಸಂದರ್ಭದಲ್ಲಿ ಜನಸಂಖ್ಯಾ ದಿನಾಚರಣೆ ಅಂಗವಾಗಿ ಏರ್ಪಡಿಸಿದ್ದ ಪ್ರಬಂಧ ಹಾಗೂ ರಸಪ್ರಶ್ನೆ ಸ್ಪರ್ಧೆಗಳಲ್ಲಿ ವಿಜೇತರಾದ ವಿದ್ಯಾರ್ಥಿಗಳಿಗೆ ಬಹುಮಾನ ವಿತರಿಸಲಾಯಿತು. ಶಾಲಾ ಕಾಲೇಜು ವಿದ್ಯಾರ್ಥಿಗಳು, ಆಶಾ ಕಾರ್ಯಕರ್ತೆಯರು, ಅಂಗನವಾಡಿ ಕಾರ್ಯಕರ್ತೆಯರು ಹಾಗೂ ಆರೋಗ್ಯ ಇಲಾಖೆಯ ಸಿಬ್ಬಂದಿ ಭಾಗವಹಿಸಿದ್ದರು.
